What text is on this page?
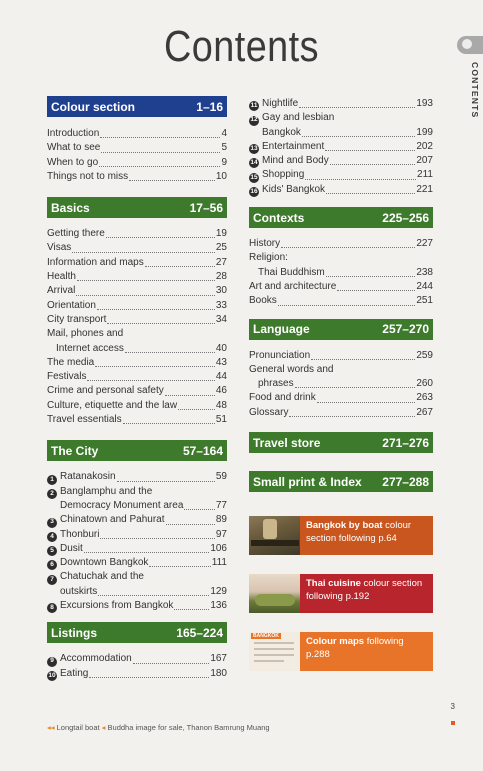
Contents
CONTENTS
Colour section	1–16
Introduction	4
What to see	5
When to go	9
Things not to miss	10
Basics	17–56
Getting there	19
Visas	25
Information and maps	27
Health	28
Arrival	30
Orientation	33
City transport	34
Mail, phones and
Internet access	40
The media	43
Festivals	44
Crime and personal safety	46
Culture, etiquette and the law	48
Travel essentials	51
The City	57–164
1 Ratanakosin	59
2 Banglamphu and the
Democracy Monument area	77
3 Chinatown and Pahurat	89
4 Thonburi	97
5 Dusit	106
6 Downtown Bangkok	111
7 Chatuchak and the
outskirts	129
8 Excursions from Bangkok	136
Listings	165–224
9 Accommodation	167
10 Eating	180
11 Nightlife	193
12 Gay and lesbian
Bangkok	199
13 Entertainment	202
14 Mind and Body	207
15 Shopping	211
16 Kids' Bangkok	221
Contexts	225–256
History	227
Religion:
Thai Buddhism	238
Art and architecture	244
Books	251
Language	257–270
Pronunciation	259
General words and
phrases	260
Food and drink	263
Glossary	267
Travel store	271–276
Small print & Index 277–288
Bangkok by boat colour section following p.64
Thai cuisine colour section following p.192
BANGKOK	Colour maps following p.288
◂◂ Longtail boat ◂ Buddha image for sale, Thanon Bamrung Muang
3
